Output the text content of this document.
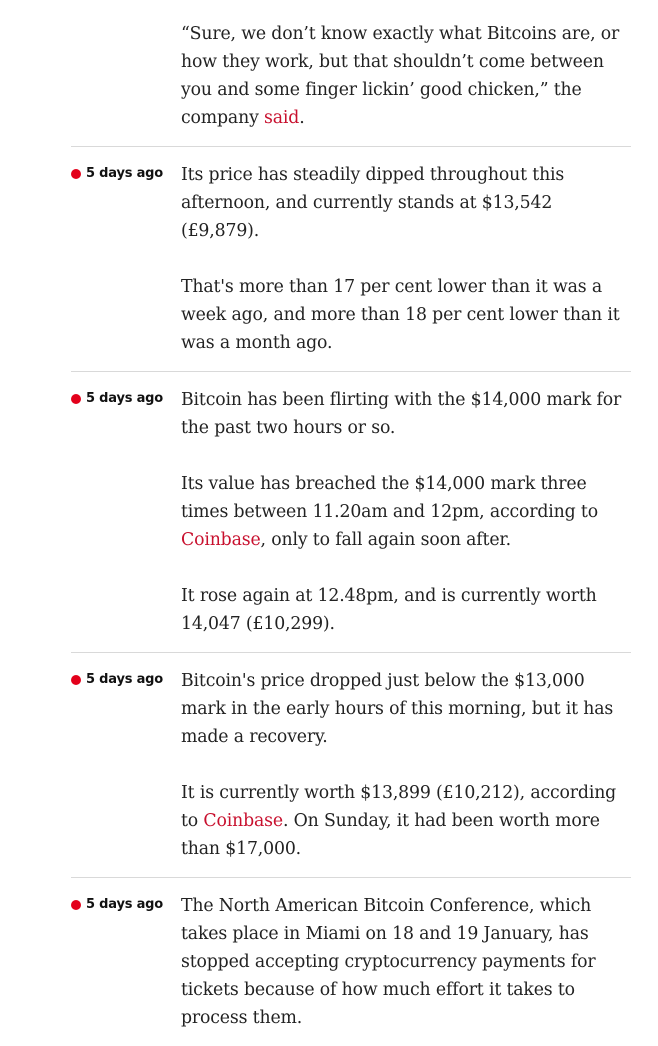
“Sure, we don’t know exactly what Bitcoins are, or how they work, but that shouldn’t come between you and some finger lickin’ good chicken,” the company said.

5 days ago Its price has steadily dipped throughout this afternoon, and currently stands at $13,542 (£9,879).

That's more than 17 per cent lower than it was a week ago, and more than 18 per cent lower than it was a month ago.

5 days ago Bitcoin has been flirting with the $14,000 mark for the past two hours or so.

Its value has breached the $14,000 mark three times between 11.20am and 12pm, according to Coinbase, only to fall again soon after.

It rose again at 12.48pm, and is currently worth 14,047 (£10,299).

5 days ago Bitcoin's price dropped just below the $13,000 mark in the early hours of this morning, but it has made a recovery.

It is currently worth $13,899 (£10,212), according to Coinbase. On Sunday, it had been worth more than $17,000.

5 days ago The North American Bitcoin Conference, which takes place in Miami on 18 and 19 January, has stopped accepting cryptocurrency payments for tickets because of how much effort it takes to process them.
